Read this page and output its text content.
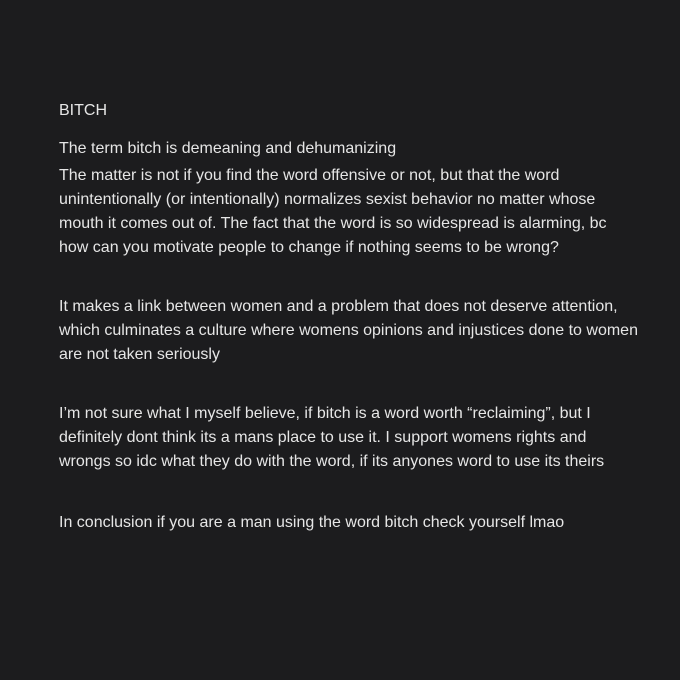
BITCH

The term bitch is demeaning and dehumanizing

The matter is not if you find the word offensive or not, but that the word unintentionally (or intentionally) normalizes sexist behavior no matter whose mouth it comes out of. The fact that the word is so widespread is alarming, bc how can you motivate people to change if nothing seems to be wrong?

It makes a link between women and a problem that does not deserve attention, which culminates a culture where womens opinions and injustices done to women are not taken seriously

I’m not sure what I myself believe, if bitch is a word worth “reclaiming”, but I definitely dont think its a mans place to use it. I support womens rights and wrongs so idc what they do with the word, if its anyones word to use its theirs

In conclusion if you are a man using the word bitch check yourself lmao
